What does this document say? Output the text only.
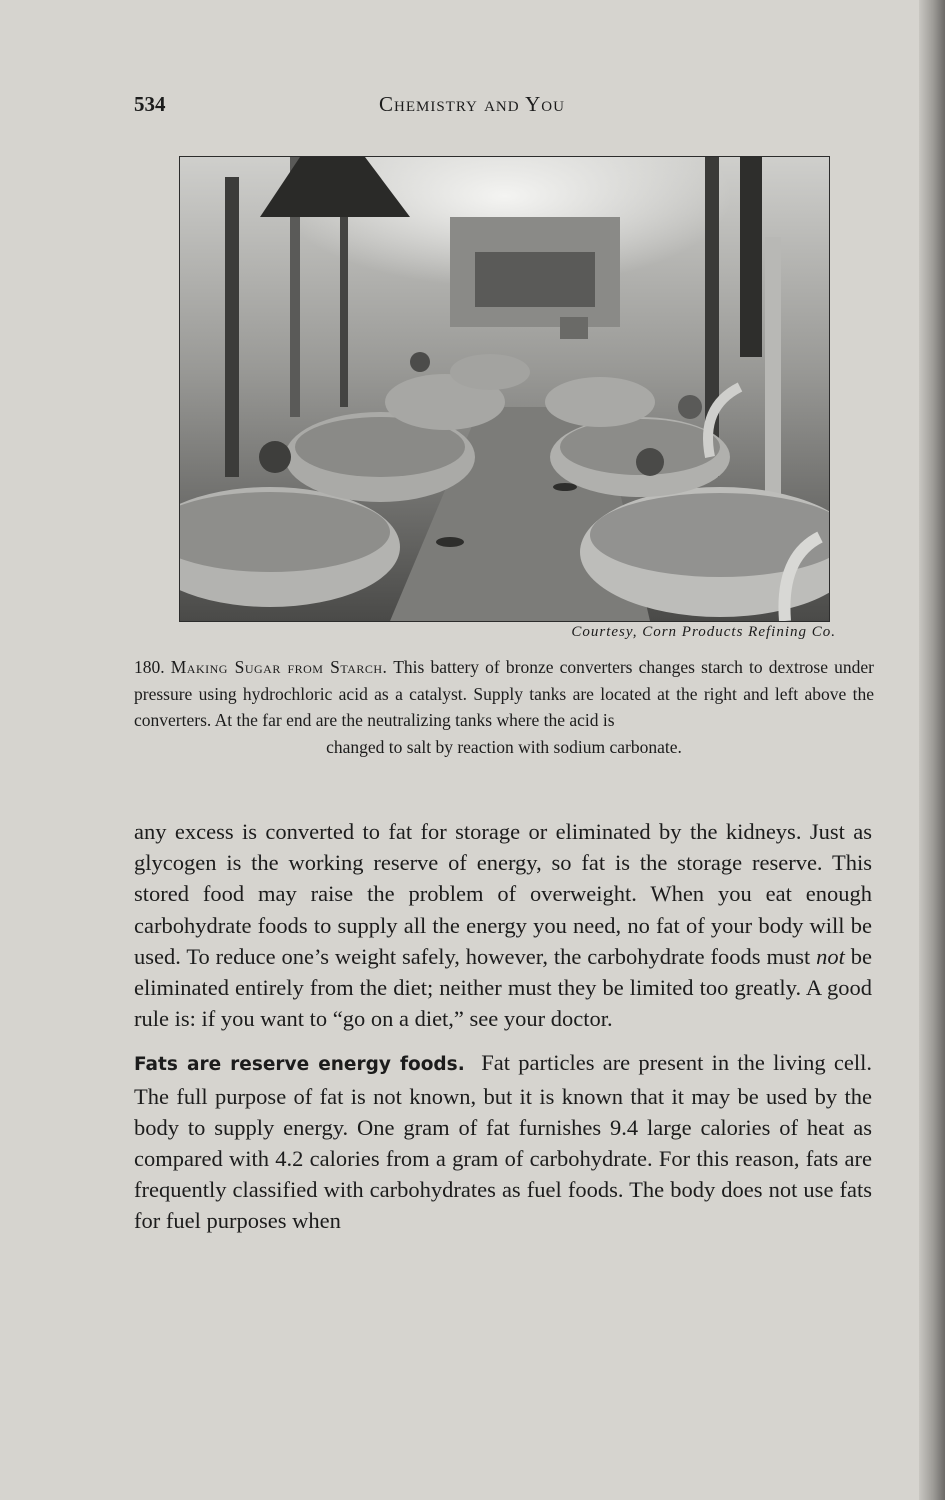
534	Chemistry and You
Courtesy, Corn Products Refining Co.
180. Making Sugar from Starch. This battery of bronze converters changes starch to dextrose under pressure using hydrochloric acid as a catalyst. Supply tanks are located at the right and left above the converters. At the far end are the neutralizing tanks where the acid is
changed to salt by reaction with sodium carbonate.

any excess is converted to fat for storage or eliminated by the kidneys. Just as glycogen is the working reserve of energy, so fat is the storage reserve. This stored food may raise the problem of overweight. When you eat enough carbohydrate foods to supply all the energy you need, no fat of your body will be used. To reduce one’s weight safely, however, the carbohydrate foods must not be eliminated entirely from the diet; neither must they be limited too greatly. A good rule is: if you want to “go on a diet,” see your doctor.

Fats are reserve energy foods. Fat particles are present in the living cell. The full purpose of fat is not known, but it is known that it may be used by the body to supply energy. One gram of fat furnishes 9.4 large calories of heat as compared with 4.2 calories from a gram of carbohydrate. For this reason, fats are frequently classified with carbohydrates as fuel foods. The body does not use fats for fuel purposes when
